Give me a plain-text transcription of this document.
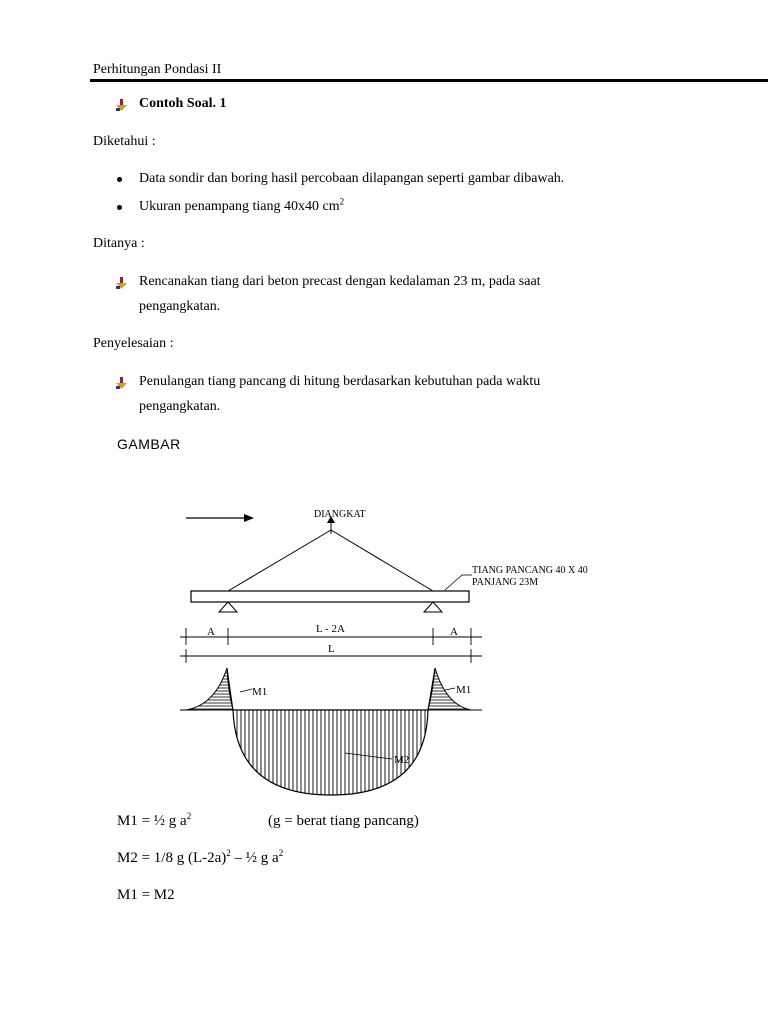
Perhitungan Pondasi II
Contoh Soal. 1
Diketahui :
Data sondir dan boring hasil percobaan dilapangan seperti gambar dibawah.
Ukuran penampang tiang 40x40 $cm^2$
Ditanya :
Rencanakan tiang dari beton precast dengan kedalaman 23 m, pada saat
pengangkatan.
Penyelesaian :
Penulangan tiang pancang di hitung berdasarkan kebutuhan pada waktu
pengangkatan.
GAMBAR
DIANGKAT
TIANG PANCANG 40 X 40
PANJANG 23M
A	L - 2A	A
L
M1	M1
M2
M1 = ½ g $a^2$	(g = berat tiang pancang)
M2 = 1/8 g $(L-2a)^2$ – ½ g $a^2$
M1 = M2
